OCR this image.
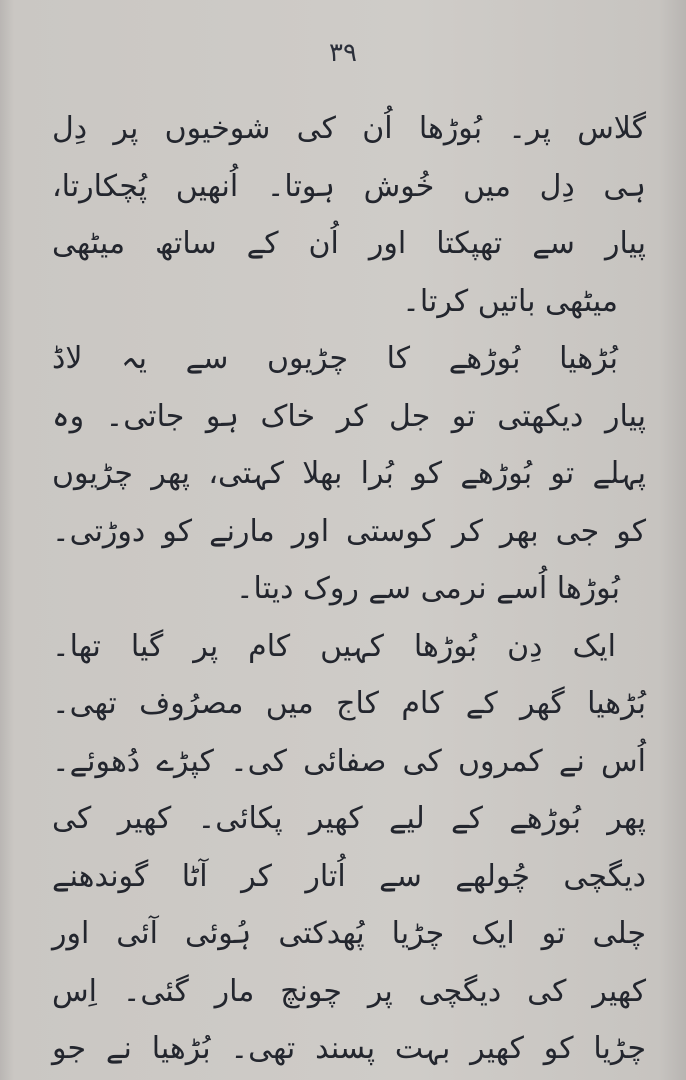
۳۹
گلاس پر۔ بُوڑھا اُن کی شوخیوں پر دِل
ہی دِل میں خُوش ہوتا۔ اُنھیں پُچکارتا،
پیار سے تھپکتا اور اُن کے ساتھ میٹھی
میٹھی باتیں کرتا۔
بُڑھیا بُوڑھے کا چڑیوں سے یہ لاڈ
پیار دیکھتی تو جل کر خاک ہو جاتی۔ وہ
پہلے تو بُوڑھے کو بُرا بھلا کہتی، پھر چڑیوں
کو جی بھر کر کوستی اور مارنے کو دوڑتی۔
بُوڑھا اُسے نرمی سے روک دیتا۔
ایک دِن بُوڑھا کہیں کام پر گیا تھا۔
بُڑھیا گھر کے کام کاج میں مصرُوف تھی۔
اُس نے کمروں کی صفائی کی۔ کپڑے دُھوئے۔
پھر بُوڑھے کے لیے کھیر پکائی۔ کھیر کی
دیگچی چُولھے سے اُتار کر آٹا گوندھنے
چلی تو ایک چڑیا پُھدکتی ہُوئی آئی اور
کھیر کی دیگچی پر چونچ مار گئی۔ اِس
چڑیا کو کھیر بہت پسند تھی۔ بُڑھیا نے جو
